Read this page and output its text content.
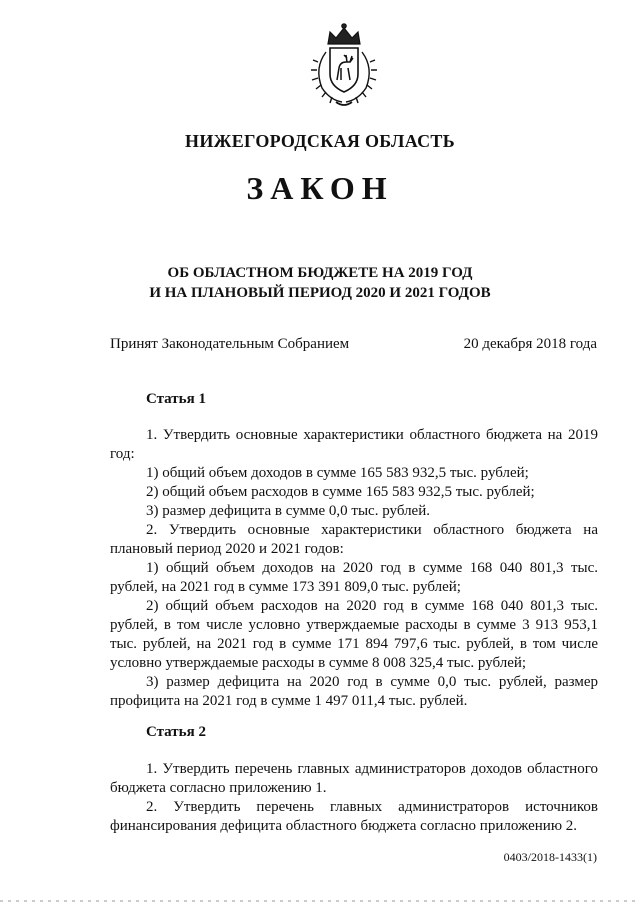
НИЖЕГОРОДСКАЯ ОБЛАСТЬ
ЗАКОН
ОБ ОБЛАСТНОМ БЮДЖЕТЕ НА 2019 ГОД
И НА ПЛАНОВЫЙ ПЕРИОД 2020 И 2021 ГОДОВ
Принят Законодательным Собранием	20 декабря 2018 года
Статья 1

1. Утвердить основные характеристики областного бюджета на 2019 год:

1) общий объем доходов в сумме 165 583 932,5 тыс. рублей;

2) общий объем расходов в сумме 165 583 932,5 тыс. рублей;

3) размер дефицита в сумме 0,0 тыс. рублей.

2. Утвердить основные характеристики областного бюджета на плановый период 2020 и 2021 годов:

1) общий объем доходов на 2020 год в сумме 168 040 801,3 тыс. рублей, на 2021 год в сумме 173 391 809,0 тыс. рублей;

2) общий объем расходов на 2020 год в сумме 168 040 801,3 тыс. рублей, в том числе условно утверждаемые расходы в сумме 3 913 953,1 тыс. рублей, на 2021 год в сумме 171 894 797,6 тыс. рублей, в том числе условно утверждаемые расходы в сумме 8 008 325,4 тыс. рублей;

3) размер дефицита на 2020 год в сумме 0,0 тыс. рублей, размер профицита на 2021 год в сумме 1 497 011,4 тыс. рублей.

Статья 2

1. Утвердить перечень главных администраторов доходов областного бюджета согласно приложению 1.

2. Утвердить перечень главных администраторов источников финансирования дефицита областного бюджета согласно приложению 2.

0403/2018-1433(1)
